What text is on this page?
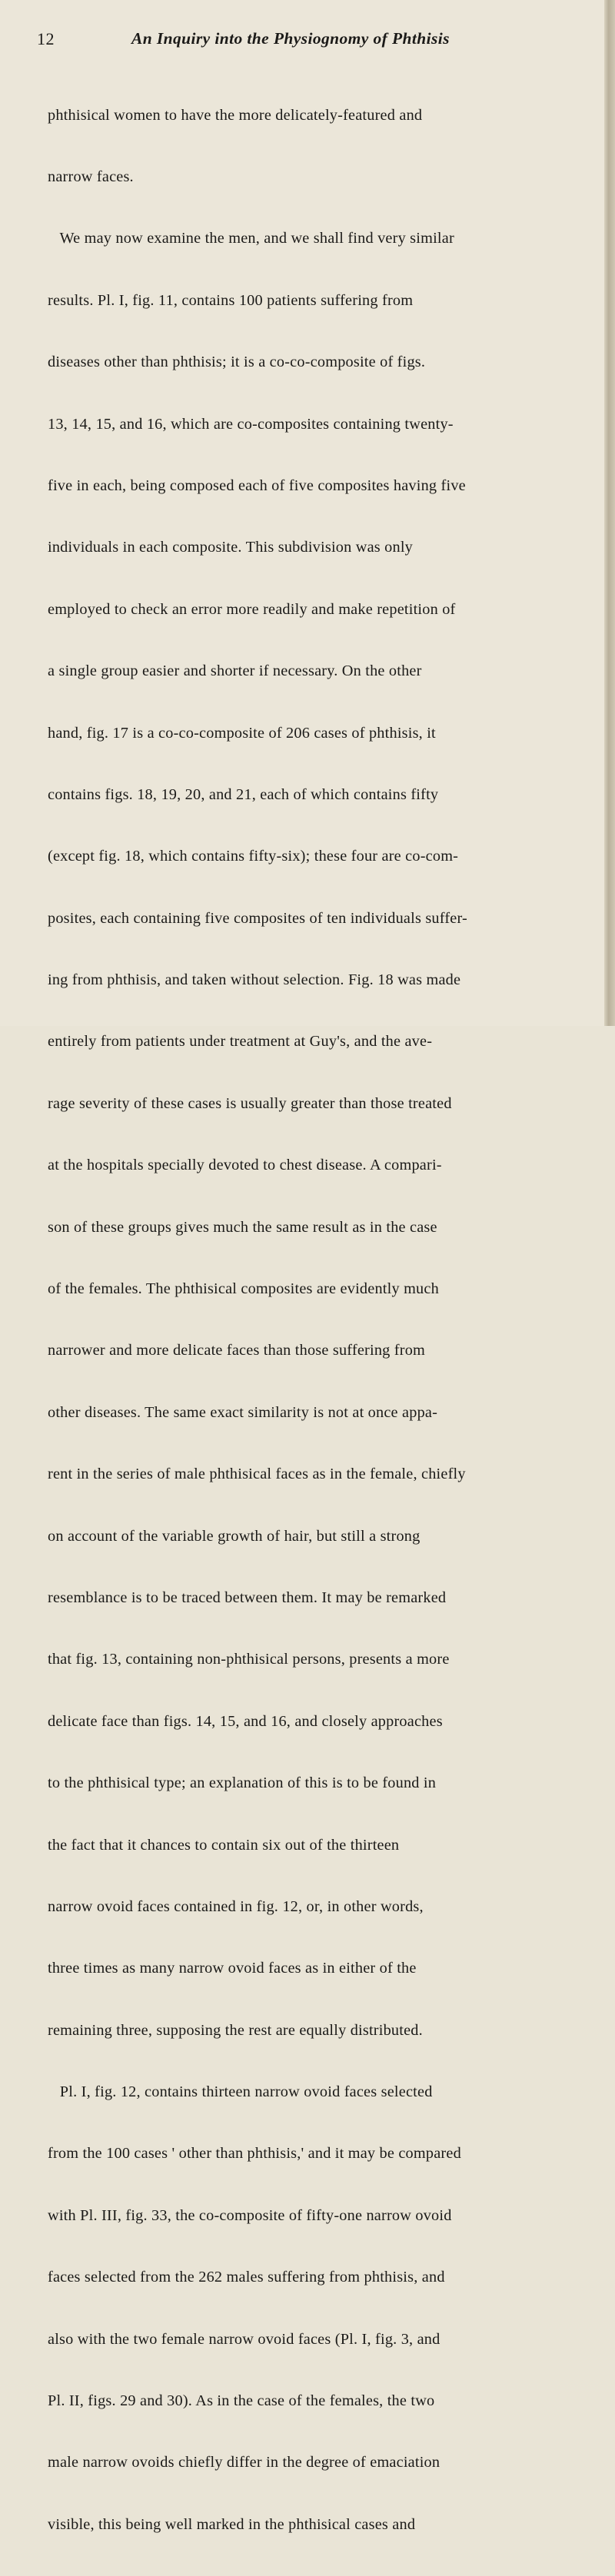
12	An Inquiry into the Physiognomy of Phthisis

phthisical women to have the more delicately-featured and

narrow faces.

We may now examine the men, and we shall find very similar

results. Pl. I, fig. 11, contains 100 patients suffering from

diseases other than phthisis; it is a co-co-composite of figs.

13, 14, 15, and 16, which are co-composites containing twenty-

five in each, being composed each of five composites having five

individuals in each composite. This subdivision was only

employed to check an error more readily and make repetition of

a single group easier and shorter if necessary. On the other

hand, fig. 17 is a co-co-composite of 206 cases of phthisis, it

contains figs. 18, 19, 20, and 21, each of which contains fifty

(except fig. 18, which contains fifty-six); these four are co-com-

posites, each containing five composites of ten individuals suffer-

ing from phthisis, and taken without selection. Fig. 18 was made

entirely from patients under treatment at Guy's, and the ave-

rage severity of these cases is usually greater than those treated

at the hospitals specially devoted to chest disease. A compari-

son of these groups gives much the same result as in the case

of the females. The phthisical composites are evidently much

narrower and more delicate faces than those suffering from

other diseases. The same exact similarity is not at once appa-

rent in the series of male phthisical faces as in the female, chiefly

on account of the variable growth of hair, but still a strong

resemblance is to be traced between them. It may be remarked

that fig. 13, containing non-phthisical persons, presents a more

delicate face than figs. 14, 15, and 16, and closely approaches

to the phthisical type; an explanation of this is to be found in

the fact that it chances to contain six out of the thirteen

narrow ovoid faces contained in fig. 12, or, in other words,

three times as many narrow ovoid faces as in either of the

remaining three, supposing the rest are equally distributed.

Pl. I, fig. 12, contains thirteen narrow ovoid faces selected

from the 100 cases ' other than phthisis,' and it may be compared

with Pl. III, fig. 33, the co-composite of fifty-one narrow ovoid

faces selected from the 262 males suffering from phthisis, and

also with the two female narrow ovoid faces (Pl. I, fig. 3, and

Pl. II, figs. 29 and 30). As in the case of the females, the two

male narrow ovoids chiefly differ in the degree of emaciation

visible, this being well marked in the phthisical cases and
